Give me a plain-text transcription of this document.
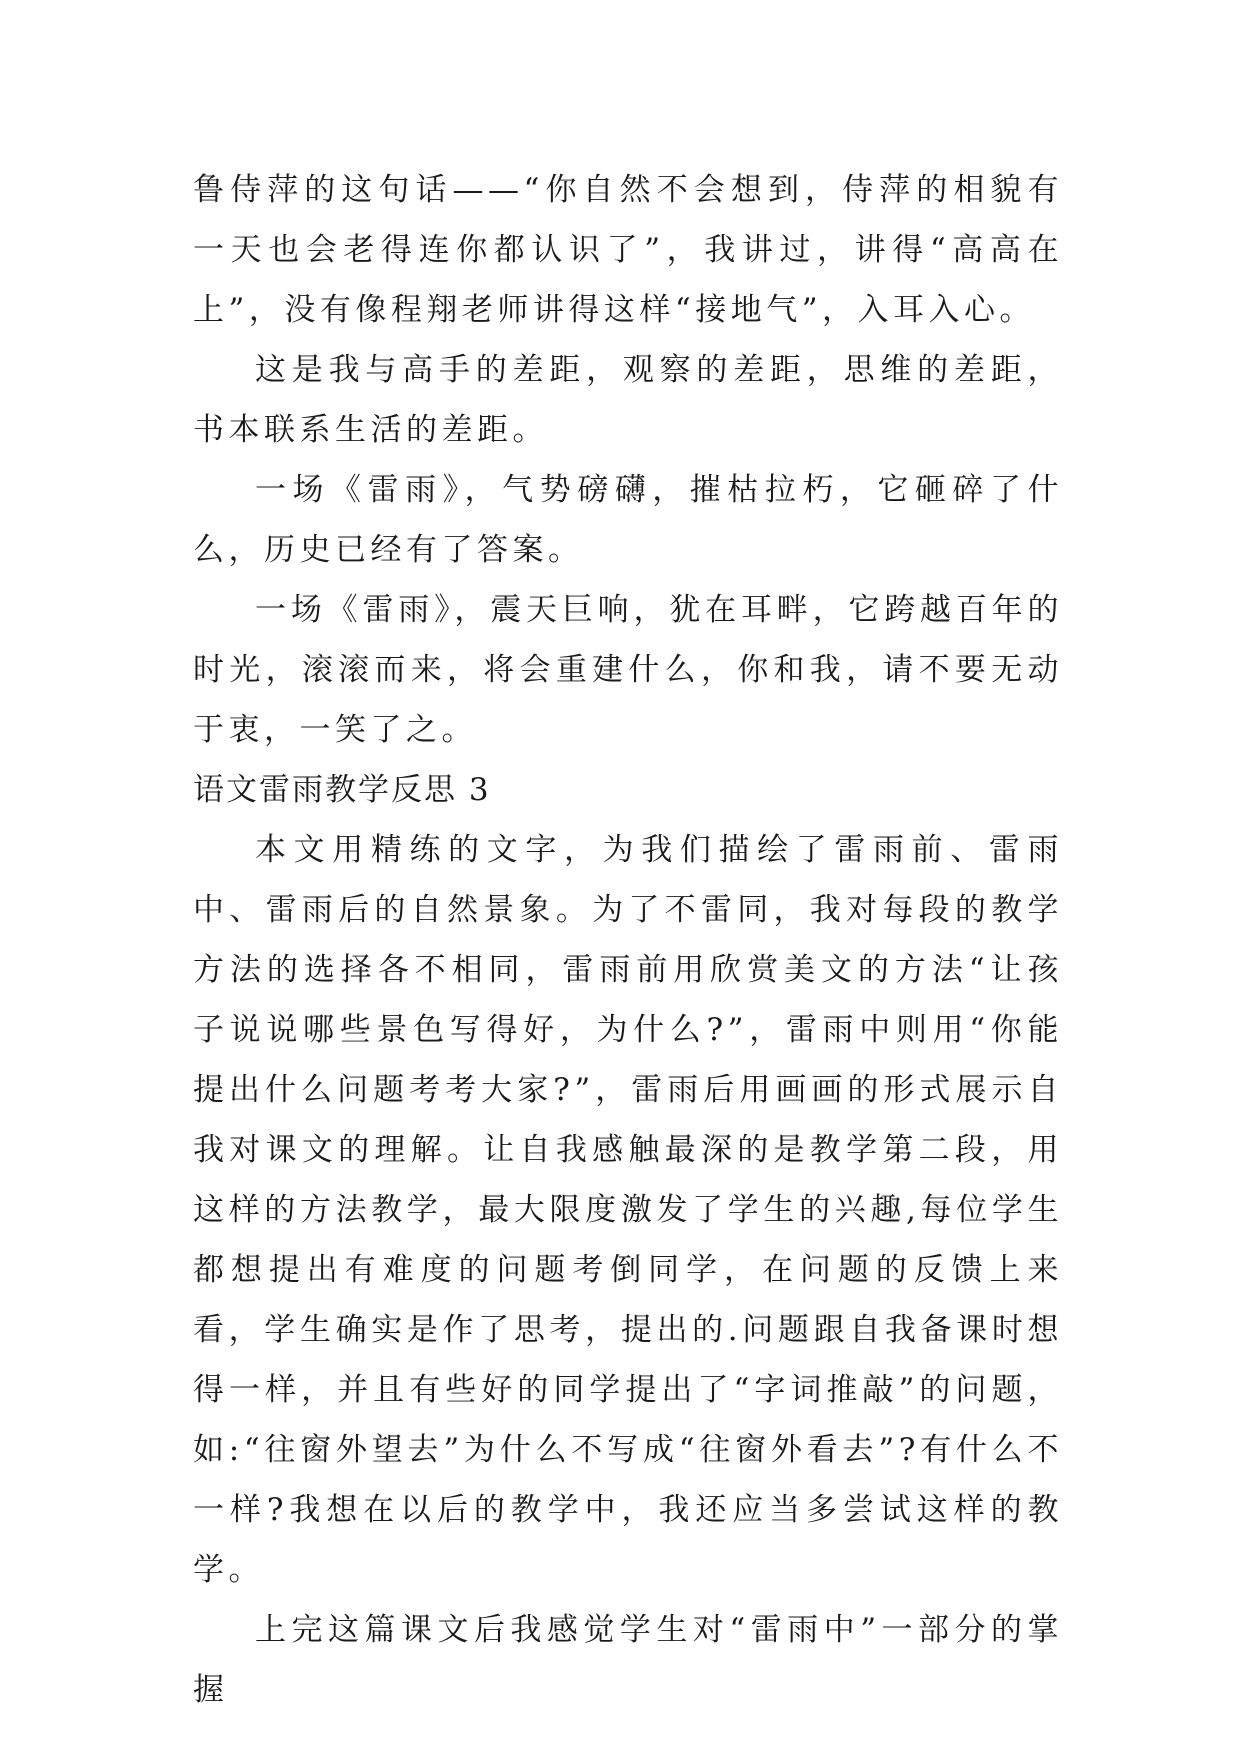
鲁侍萍的这句话——“你自然不会想到，侍萍的相貌有一天也会老得连你都认识了”，我讲过，讲得“高高在上”，没有像程翔老师讲得这样“接地气”，入耳入心。

这是我与高手的差距，观察的差距，思维的差距，书本联系生活的差距。

一场《雷雨》，气势磅礴，摧枯拉朽，它砸碎了什么，历史已经有了答案。

一场《雷雨》，震天巨响，犹在耳畔，它跨越百年的时光，滚滚而来，将会重建什么，你和我，请不要无动于衷，一笑了之。

语文雷雨教学反思 3

本文用精练的文字，为我们描绘了雷雨前、雷雨中、雷雨后的自然景象。为了不雷同，我对每段的教学方法的选择各不相同，雷雨前用欣赏美文的方法“让孩子说说哪些景色写得好，为什么?”，雷雨中则用“你能提出什么问题考考大家?”，雷雨后用画画的形式展示自我对课文的理解。让自我感触最深的是教学第二段，用这样的方法教学，最大限度激发了学生的兴趣,每位学生都想提出有难度的问题考倒同学，在问题的反馈上来看，学生确实是作了思考，提出的.问题跟自我备课时想得一样，并且有些好的同学提出了“字词推敲”的问题，如:“往窗外望去”为什么不写成“往窗外看去”?有什么不一样?我想在以后的教学中，我还应当多尝试这样的教学。

上完这篇课文后我感觉学生对“雷雨中”一部分的掌握
